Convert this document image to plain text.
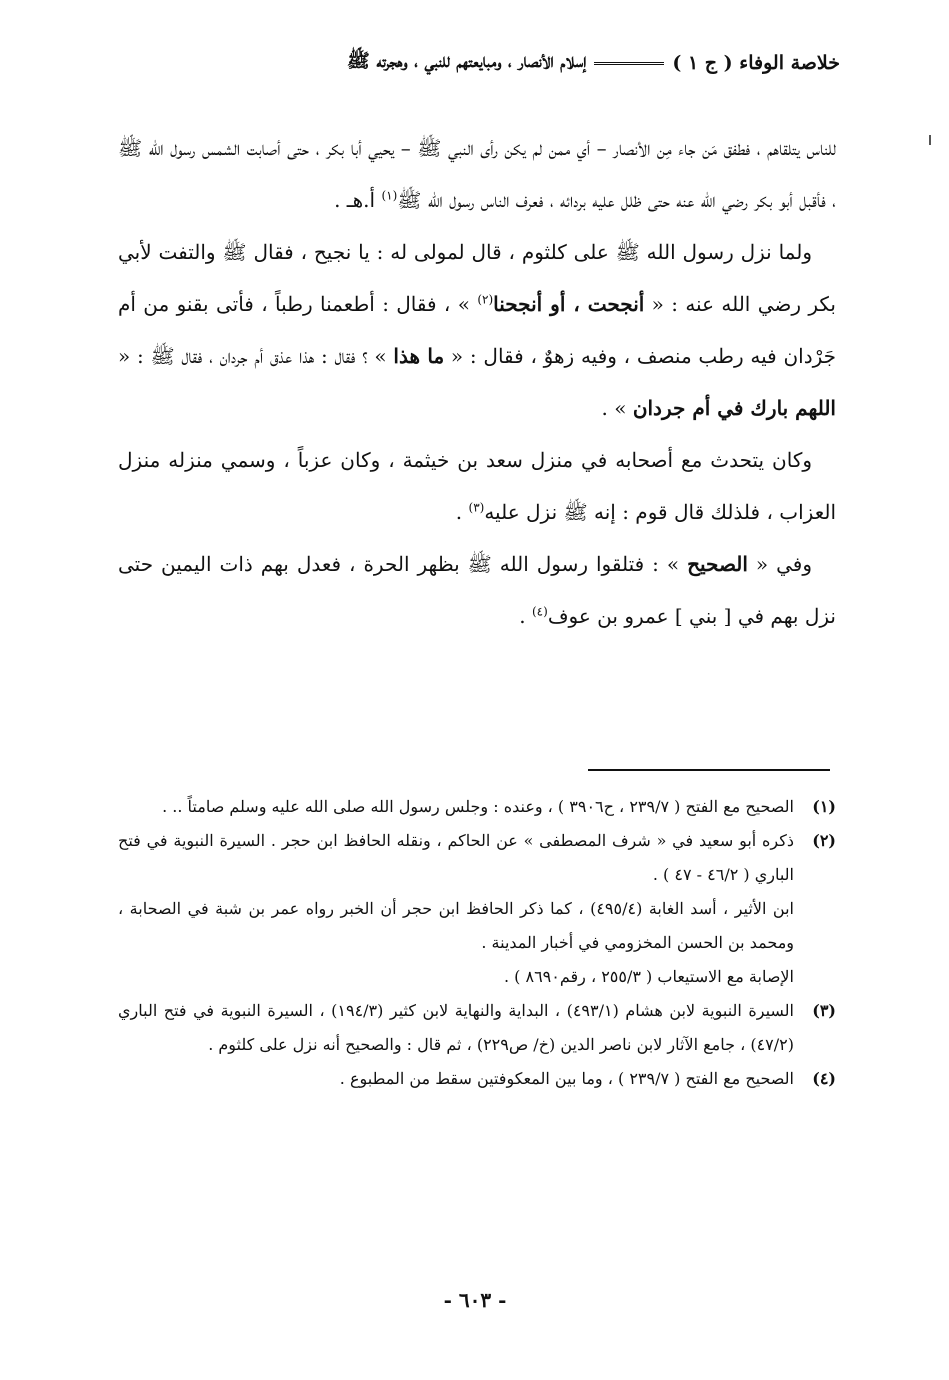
خلاصة الوفاء ( ج ١ )
إسلام الأنصار ، ومبايعتهم للنبي ، وهجرته ﷺ

للناس يتلقاهم ، فطفق مَن جاء مِن الأنصار – أي ممن لم يكن رأى النبي ﷺ – يحيي أبا بكر ، حتى أصابت الشمس رسول الله ﷺ ، فأقبل أبو بكر رضي الله عنه حتى ظلل عليه بردائه ، فعرف الناس رسول الله ﷺ$^{(١)}$ أ.هـ .

ولما نزل رسول الله ﷺ على كلثوم ، قال لمولى له : يا نجيح ، فقال ﷺ والتفت لأبي بكر رضي الله عنه : « أنجحت ، أو أنجحنا$^{(٢)}$ » ، فقال : أطعمنا رطباً ، فأتى بقنو من أم جَرْدان فيه رطب منصف ، وفيه زهوٌ ، فقال : « ما هذا » ؟ فقال : هذا عذق أم جردان ، فقال ﷺ : « اللهم بارك في أم جردان » .

وكان يتحدث مع أصحابه في منزل سعد بن خيثمة ، وكان عزباً ، وسمي منزله منزل العزاب ، فلذلك قال قوم : إنه ﷺ نزل عليه$^{(٣)}$ .

وفي « الصحيح » : فتلقوا رسول الله ﷺ بظهر الحرة ، فعدل بهم ذات اليمين حتى نزل بهم في [ بني ] عمرو بن عوف$^{(٤)}$ .

(١)
الصحيح مع الفتح ( ٢٣٩/٧ ، ح٣٩٠٦ ) ، وعنده : وجلس رسول الله صلى الله عليه وسلم صامتاً .. .
(٢)
ذكره أبو سعيد في « شرف المصطفى » عن الحاكم ، ونقله الحافظ ابن حجر . السيرة النبوية في فتح الباري ( ٤٦/٢ - ٤٧ ) .
ابن الأثير ، أسد الغابة (٤٩٥/٤) ، كما ذكر الحافظ ابن حجر أن الخبر رواه عمر بن شبة في الصحابة ، ومحمد بن الحسن المخزومي في أخبار المدينة .
الإصابة مع الاستيعاب ( ٢٥٥/٣ ، رقم٨٦٩٠ ) .
(٣)
السيرة النبوية لابن هشام (٤٩٣/١) ، البداية والنهاية لابن كثير (١٩٤/٣) ، السيرة النبوية في فتح الباري (٤٧/٢) ، جامع الآثار لابن ناصر الدين (خ/ ص٢٢٩) ، ثم قال : والصحيح أنه نزل على كلثوم .
(٤)
الصحيح مع الفتح ( ٢٣٩/٧ ) ، وما بين المعكوفتين سقط من المطبوع .
- ٦٠٣ -
